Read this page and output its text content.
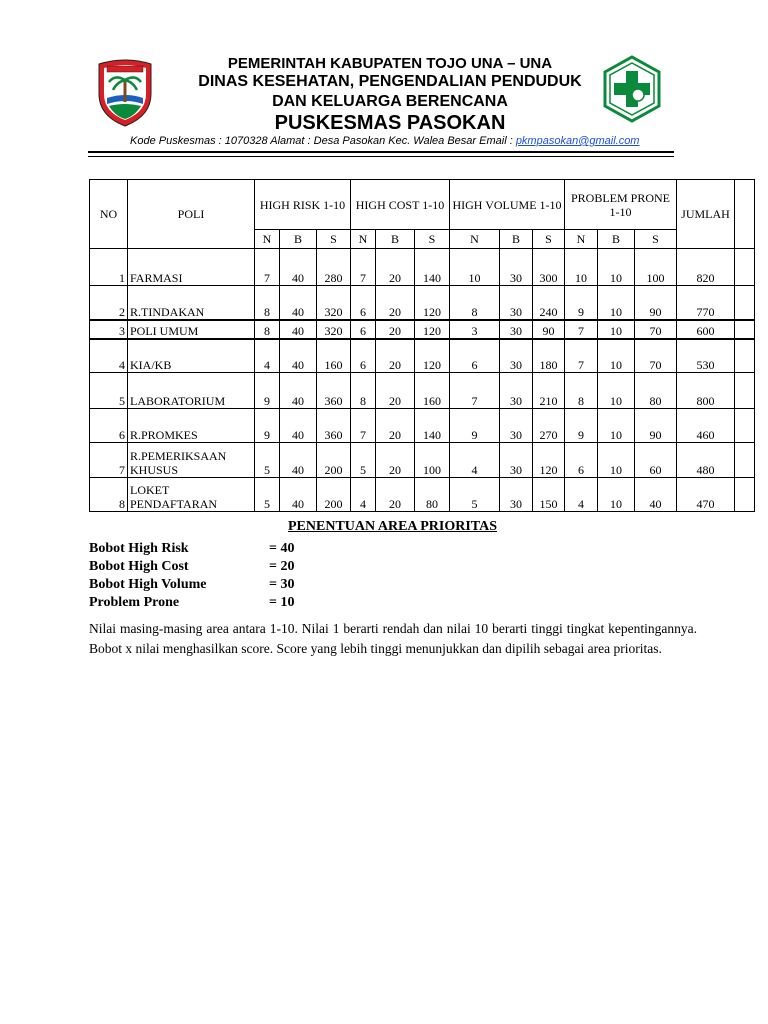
PEMERINTAH KABUPATEN TOJO UNA – UNA
DINAS KESEHATAN, PENGENDALIAN PENDUDUK
DAN KELUARGA BERENCANA
PUSKESMAS PASOKAN
Kode Puskesmas : 1070328 Alamat : Desa Pasokan Kec. Walea Besar Email : pkmpasokan@gmail.com
NO	POLI	HIGH RISK 1-10			HIGH COST 1-10			HIGH VOLUME 1-10			PROBLEM PRONE 1-10			JUMLAH	
		N	B	S	N	B	S	N	B	S	N	B	S		
1	FARMASI	7	40	280	7	20	140	10	30	300	10	10	100	820	
2	R.TINDAKAN	8	40	320	6	20	120	8	30	240	9	10	90	770	
3	POLI UMUM	8	40	320	6	20	120	3	30	90	7	10	70	600	
4	KIA/KB	4	40	160	6	20	120	6	30	180	7	10	70	530	
5	LABORATORIUM	9	40	360	8	20	160	7	30	210	8	10	80	800	
6	R.PROMKES	9	40	360	7	20	140	9	30	270	9	10	90	460	
7	R.PEMERIKSAAN KHUSUS	5	40	200	5	20	100	4	30	120	6	10	60	480	
8	LOKET PENDAFTARAN	5	40	200	4	20	80	5	30	150	4	10	40	470	
PENENTUAN AREA PRIORITAS
Bobot High Risk	= 40
Bobot High Cost	= 20
Bobot High Volume	= 30
Problem Prone	= 10
Nilai masing-masing area antara 1-10. Nilai 1 berarti rendah dan nilai 10 berarti tinggi tingkat kepentingannya. Bobot x nilai menghasilkan score. Score yang lebih tinggi menunjukkan dan dipilih sebagai area prioritas.
